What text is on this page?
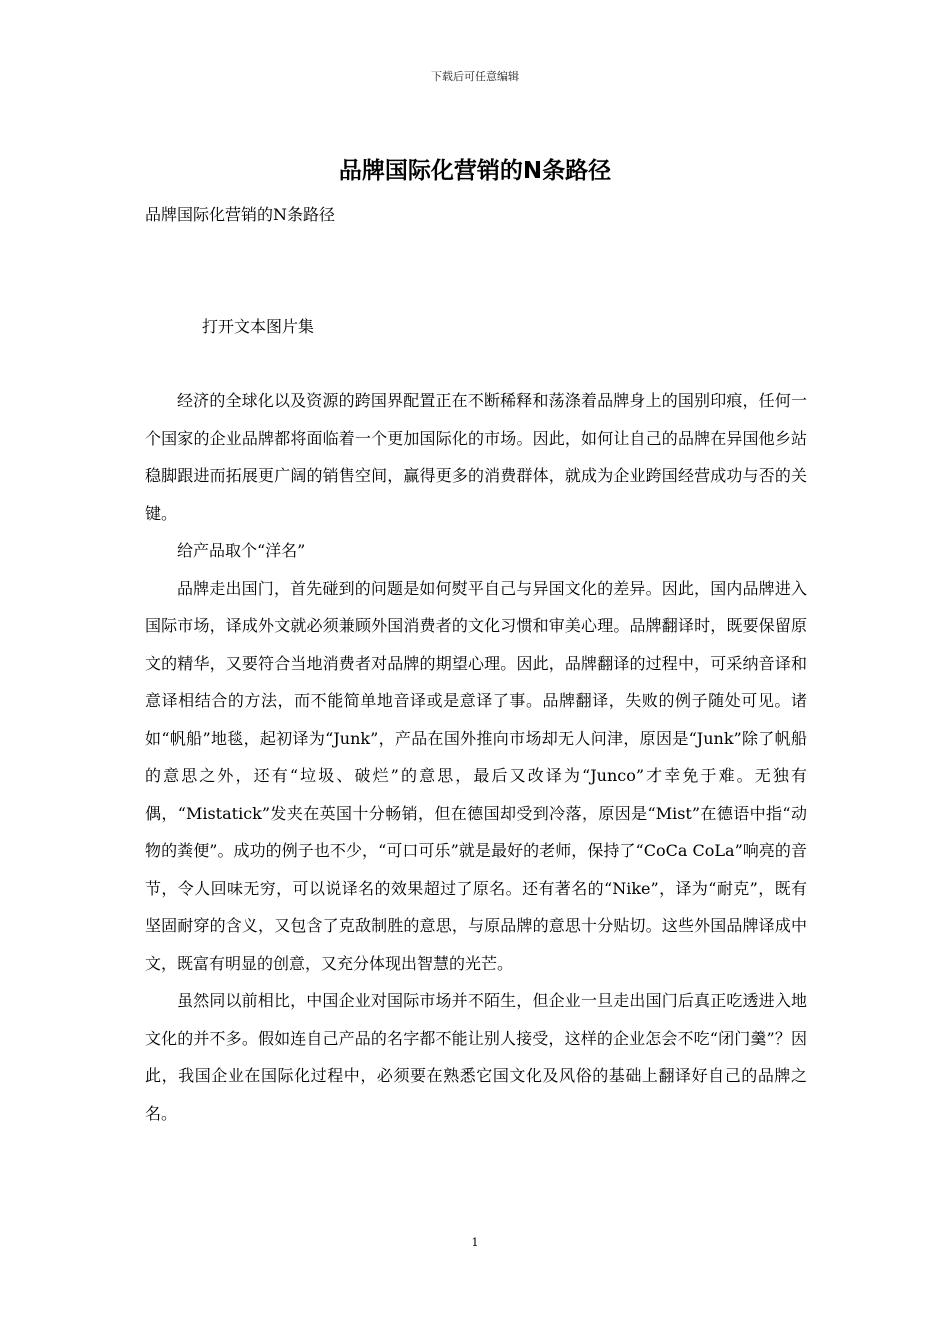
下载后可任意编辑
品牌国际化营销的N条路径

品牌国际化营销的N条路径

打开文本图片集

经济的全球化以及资源的跨国界配置正在不断稀释和荡涤着品牌身上的国别印痕，任何一个国家的企业品牌都将面临着一个更加国际化的市场。因此，如何让自己的品牌在异国他乡站稳脚跟进而拓展更广阔的销售空间，赢得更多的消费群体，就成为企业跨国经营成功与否的关键。

给产品取个“洋名”

品牌走出国门，首先碰到的问题是如何熨平自己与异国文化的差异。因此，国内品牌进入国际市场，译成外文就必须兼顾外国消费者的文化习惯和审美心理。品牌翻译时，既要保留原文的精华，又要符合当地消费者对品牌的期望心理。因此，品牌翻译的过程中，可采纳音译和意译相结合的方法，而不能简单地音译或是意译了事。品牌翻译，失败的例子随处可见。诸如“帆船”地毯，起初译为“Junk”，产品在国外推向市场却无人问津，原因是“Junk”除了帆船的意思之外，还有“垃圾、破烂”的意思，最后又改译为“Junco”才幸免于难。无独有偶，“Mistatick”发夹在英国十分畅销，但在德国却受到冷落，原因是“Mist”在德语中指“动物的粪便”。成功的例子也不少，“可口可乐”就是最好的老师，保持了“CoCa CoLa”响亮的音节，令人回味无穷，可以说译名的效果超过了原名。还有著名的“Nike”，译为“耐克”，既有坚固耐穿的含义，又包含了克敌制胜的意思，与原品牌的意思十分贴切。这些外国品牌译成中文，既富有明显的创意，又充分体现出智慧的光芒。

虽然同以前相比，中国企业对国际市场并不陌生，但企业一旦走出国门后真正吃透进入地文化的并不多。假如连自己产品的名字都不能让别人接受，这样的企业怎会不吃“闭门羹”？因此，我国企业在国际化过程中，必须要在熟悉它国文化及风俗的基础上翻译好自己的品牌之名。

1
